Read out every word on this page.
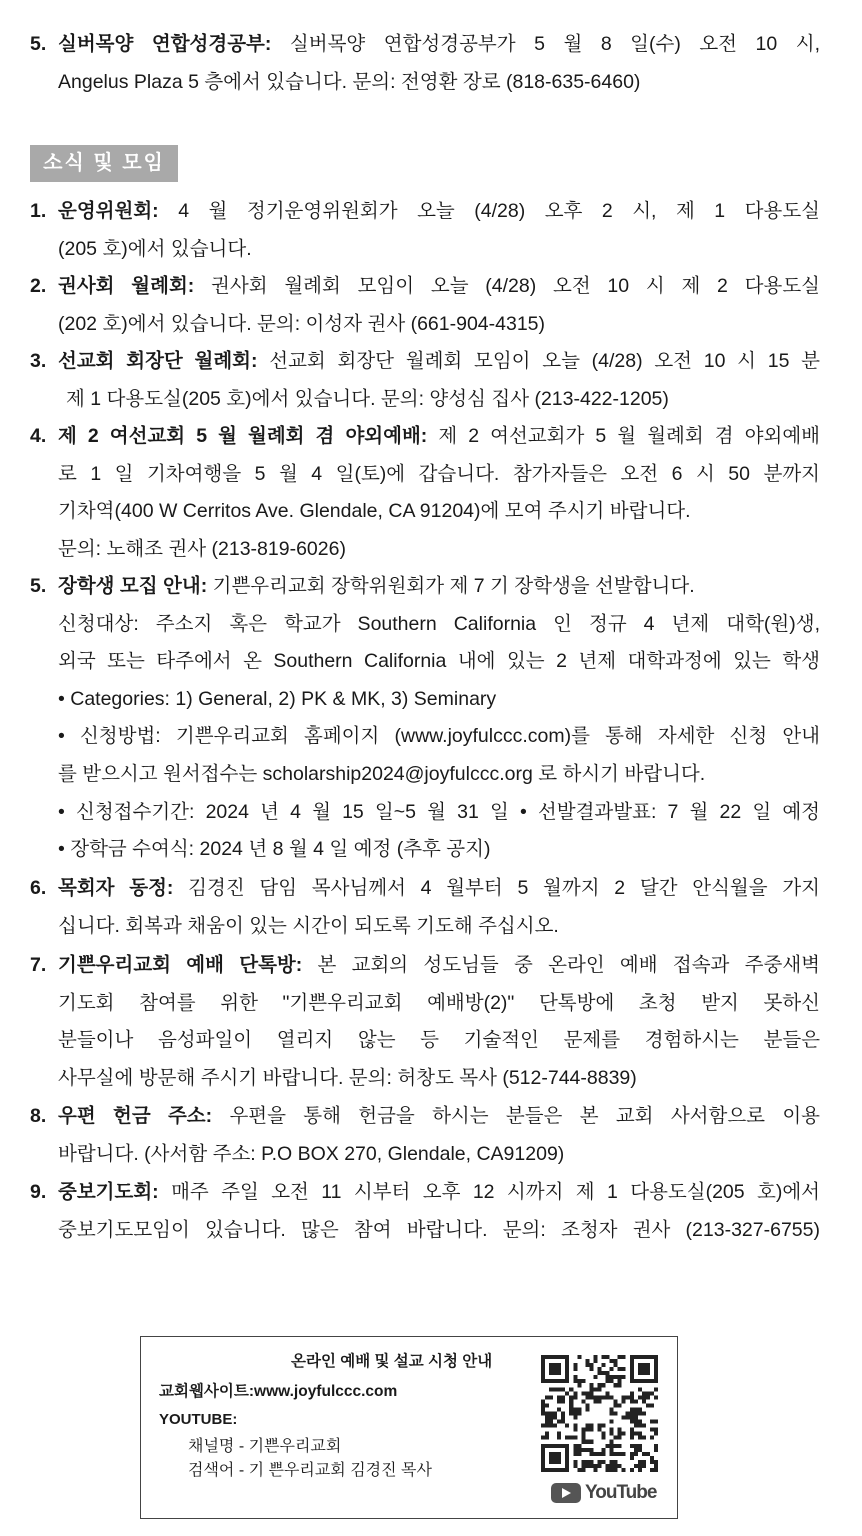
5. 실버목양 연합성경공부: 실버목양 연합성경공부가 5 월 8 일(수) 오전 10 시,
Angelus Plaza 5 층에서 있습니다. 문의: 전영환 장로 (818-635-6460)
소식 및 모임
1. 운영위원회: 4 월 정기운영위원회가 오늘 (4/28) 오후 2 시, 제 1 다용도실
(205 호)에서 있습니다.
2. 권사회 월례회: 권사회 월례회 모임이 오늘 (4/28) 오전 10 시 제 2 다용도실
(202 호)에서 있습니다. 문의: 이성자 권사 (661-904-4315)
3. 선교회 회장단 월례회: 선교회 회장단 월례회 모임이 오늘 (4/28) 오전 10 시 15 분
제 1 다용도실(205 호)에서 있습니다. 문의: 양성심 집사 (213-422-1205)
4. 제 2 여선교회 5 월 월례회 겸 야외예배: 제 2 여선교회가 5 월 월례회 겸 야외예배
로 1 일 기차여행을 5 월 4 일(토)에 갑습니다. 참가자들은 오전 6 시 50 분까지
기차역(400 W Cerritos Ave. Glendale, CA 91204)에 모여 주시기 바랍니다.
문의: 노해조 권사 (213-819-6026)
5. 장학생 모집 안내: 기쁜우리교회 장학위원회가 제 7 기 장학생을 선발합니다.
신청대상: 주소지 혹은 학교가 Southern California 인 정규 4 년제 대학(원)생,
외국 또는 타주에서 온 Southern California 내에 있는 2 년제 대학과정에 있는 학생
• Categories: 1) General, 2) PK & MK, 3) Seminary
• 신청방법: 기쁜우리교회 홈페이지 (www.joyfulccc.com)를 통해 자세한 신청 안내
를 받으시고 원서접수는 scholarship2024@joyfulccc.org 로 하시기 바랍니다.
• 신청접수기간: 2024 년 4 월 15 일~5 월 31 일 • 선발결과발표: 7 월 22 일 예정
• 장학금 수여식: 2024 년 8 월 4 일 예정 (추후 공지)
6. 목회자 동정: 김경진 담임 목사님께서 4 월부터 5 월까지 2 달간 안식월을 가지
십니다. 회복과 채움이 있는 시간이 되도록 기도해 주십시오.
7. 기쁜우리교회 예배 단톡방: 본 교회의 성도님들 중 온라인 예배 접속과 주중새벽
기도회 참여를 위한 "기쁜우리교회 예배방(2)" 단톡방에 초청 받지 못하신
분들이나 음성파일이 열리지 않는 등 기술적인 문제를 경험하시는 분들은
사무실에 방문해 주시기 바랍니다. 문의: 허창도 목사 (512-744-8839)
8. 우편 헌금 주소: 우편을 통해 헌금을 하시는 분들은 본 교회 사서함으로 이용
바랍니다. (사서함 주소: P.O BOX 270, Glendale, CA91209)
9. 중보기도회: 매주 주일 오전 11 시부터 오후 12 시까지 제 1 다용도실(205 호)에서
중보기도모임이 있습니다. 많은 참여 바랍니다. 문의: 조청자 권사 (213-327-6755)
온라인 예배 및 설교 시청 안내
교회웹사이트:www.joyfulccc.com
YOUTUBE:
채널명 - 기쁜우리교회
검색어 - 기 쁜우리교회 김경진 목사
YouTube
